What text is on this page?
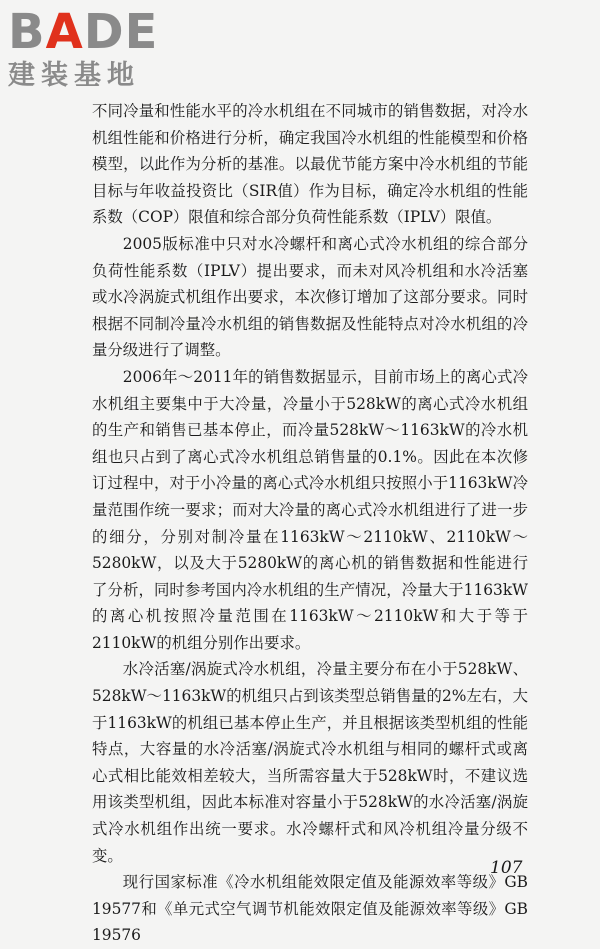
BADE
建装基地

不同冷量和性能水平的冷水机组在不同城市的销售数据，对冷水机组性能和价格进行分析，确定我国冷水机组的性能模型和价格模型，以此作为分析的基准。以最优节能方案中冷水机组的节能目标与年收益投资比（SIR值）作为目标，确定冷水机组的性能系数（COP）限值和综合部分负荷性能系数（IPLV）限值。

2005版标准中只对水冷螺杆和离心式冷水机组的综合部分负荷性能系数（IPLV）提出要求，而未对风冷机组和水冷活塞或水冷涡旋式机组作出要求，本次修订增加了这部分要求。同时根据不同制冷量冷水机组的销售数据及性能特点对冷水机组的冷量分级进行了调整。

2006年～2011年的销售数据显示，目前市场上的离心式冷水机组主要集中于大冷量，冷量小于528kW的离心式冷水机组的生产和销售已基本停止，而冷量528kW～1163kW的冷水机组也只占到了离心式冷水机组总销售量的0.1%。因此在本次修订过程中，对于小冷量的离心式冷水机组只按照小于1163kW冷量范围作统一要求；而对大冷量的离心式冷水机组进行了进一步的细分，分别对制冷量在1163kW～2110kW、2110kW～5280kW，以及大于5280kW的离心机的销售数据和性能进行了分析，同时参考国内冷水机组的生产情况，冷量大于1163kW的离心机按照冷量范围在1163kW～2110kW和大于等于2110kW的机组分别作出要求。

水冷活塞/涡旋式冷水机组，冷量主要分布在小于528kW、528kW～1163kW的机组只占到该类型总销售量的2%左右，大于1163kW的机组已基本停止生产，并且根据该类型机组的性能特点，大容量的水冷活塞/涡旋式冷水机组与相同的螺杆式或离心式相比能效相差较大，当所需容量大于528kW时，不建议选用该类型机组，因此本标准对容量小于528kW的水冷活塞/涡旋式冷水机组作出统一要求。水冷螺杆式和风冷机组冷量分级不变。

现行国家标准《冷水机组能效限定值及能源效率等级》GB 19577和《单元式空气调节机能效限定值及能源效率等级》GB 19576

107
